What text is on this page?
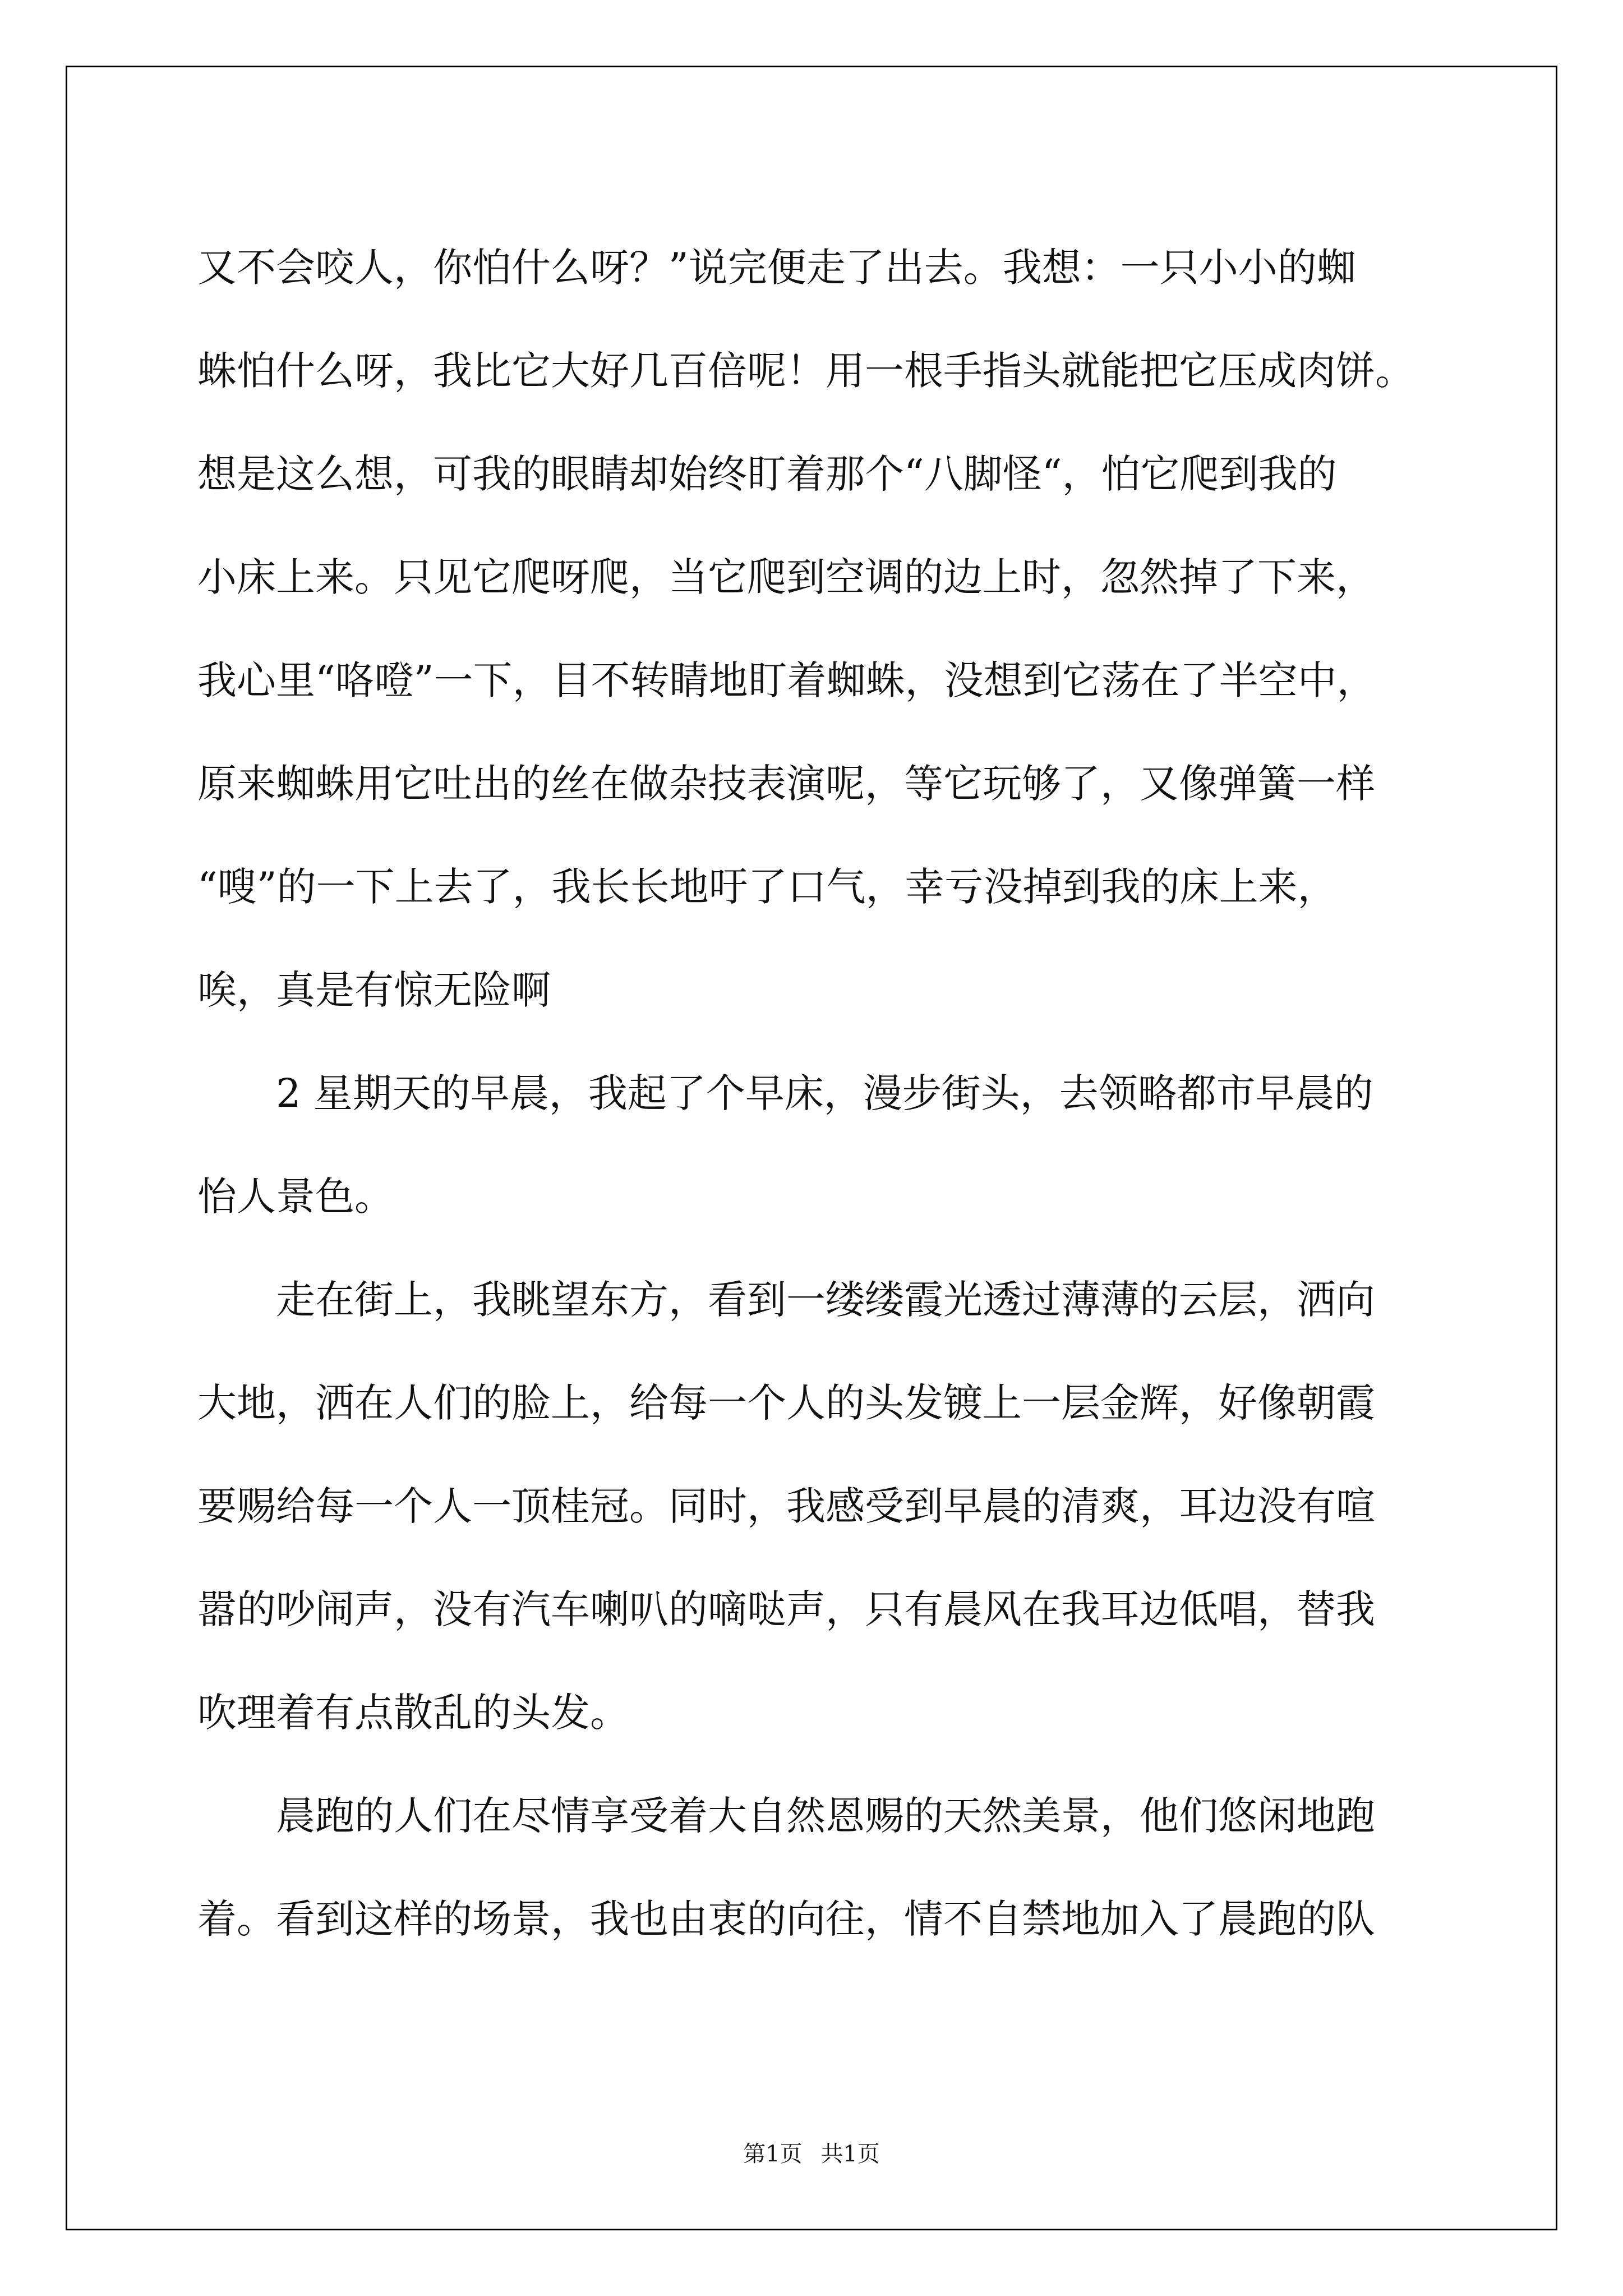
又不会咬人，你怕什么呀？”说完便走了出去。我想：一只小小的蜘
蛛怕什么呀，我比它大好几百倍呢！用一根手指头就能把它压成肉饼。
想是这么想，可我的眼睛却始终盯着那个“八脚怪“，怕它爬到我的
小床上来。只见它爬呀爬，当它爬到空调的边上时，忽然掉了下来，
我心里“咯噔”一下，目不转睛地盯着蜘蛛，没想到它荡在了半空中，
原来蜘蛛用它吐出的丝在做杂技表演呢，等它玩够了，又像弹簧一样
“嗖”的一下上去了，我长长地吁了口气，幸亏没掉到我的床上来，
唉，真是有惊无险啊
2 星期天的早晨，我起了个早床，漫步街头，去领略都市早晨的
怡人景色。
走在街上，我眺望东方，看到一缕缕霞光透过薄薄的云层，洒向
大地，洒在人们的脸上，给每一个人的头发镀上一层金辉，好像朝霞
要赐给每一个人一顶桂冠。同时，我感受到早晨的清爽，耳边没有喧
嚣的吵闹声，没有汽车喇叭的嘀哒声，只有晨风在我耳边低唱，替我
吹理着有点散乱的头发。
晨跑的人们在尽情享受着大自然恩赐的天然美景，他们悠闲地跑
着。看到这样的场景，我也由衷的向往，情不自禁地加入了晨跑的队
第1页 共1页
